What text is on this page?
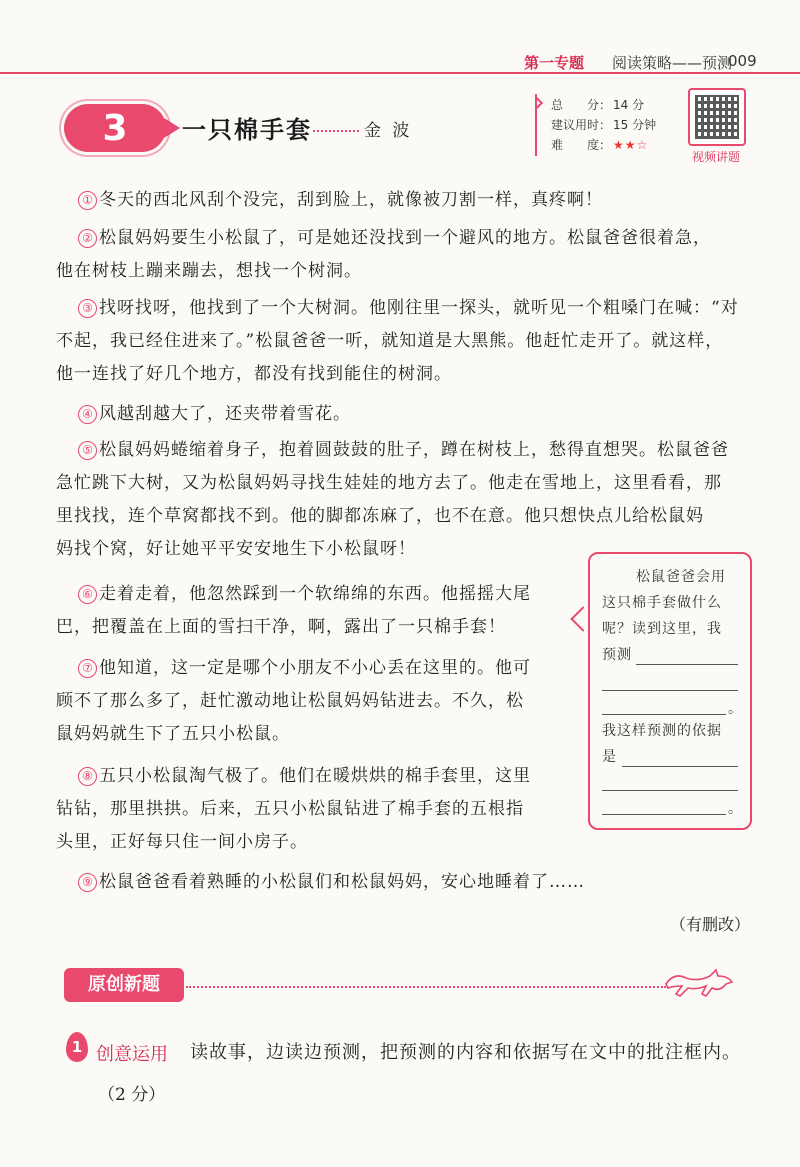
第一专题 阅读策略——预测
009
3 一只棉手套	金 波
总　　分： 14 分
建议用时： 15 分钟
难　　度： ★★☆
视频讲题
① 冬天的西北风刮个没完，刮到脸上，就像被刀割一样，真疼啊！
② 松鼠妈妈要生小松鼠了，可是她还没找到一个避风的地方。松鼠爸爸很着急，
他在树枝上蹦来蹦去，想找一个树洞。
③ 找呀找呀，他找到了一个大树洞。他刚往里一探头，就听见一个粗嗓门在喊：“对
不起，我已经住进来了。”松鼠爸爸一听，就知道是大黑熊。他赶忙走开了。就这样，
他一连找了好几个地方，都没有找到能住的树洞。
④ 风越刮越大了，还夹带着雪花。
⑤ 松鼠妈妈蜷缩着身子，抱着圆鼓鼓的肚子，蹲在树枝上，愁得直想哭。松鼠爸爸
急忙跳下大树，又为松鼠妈妈寻找生娃娃的地方去了。他走在雪地上，这里看看，那
里找找，连个草窝都找不到。他的脚都冻麻了，也不在意。他只想快点儿给松鼠妈
妈找个窝，好让她平平安安地生下小松鼠呀！
⑥ 走着走着，他忽然踩到一个软绵绵的东西。他摇摇大尾
巴，把覆盖在上面的雪扫干净，啊，露出了一只棉手套！
⑦ 他知道，这一定是哪个小朋友不小心丢在这里的。他可
顾不了那么多了，赶忙激动地让松鼠妈妈钻进去。不久，松
鼠妈妈就生下了五只小松鼠。
⑧ 五只小松鼠淘气极了。他们在暖烘烘的棉手套里，这里
钻钻，那里拱拱。后来，五只小松鼠钻进了棉手套的五根指
头里，正好每只住一间小房子。
⑨ 松鼠爸爸看着熟睡的小松鼠们和松鼠妈妈，安心地睡着了……
松鼠爸爸会用
这只棉手套做什么
呢？读到这里，我
预测
。
我这样预测的依据
是
。
（有删改）
原创新题
1 创意运用 读故事，边读边预测，把预测的内容和依据写在文中的批注框内。
（2 分）
